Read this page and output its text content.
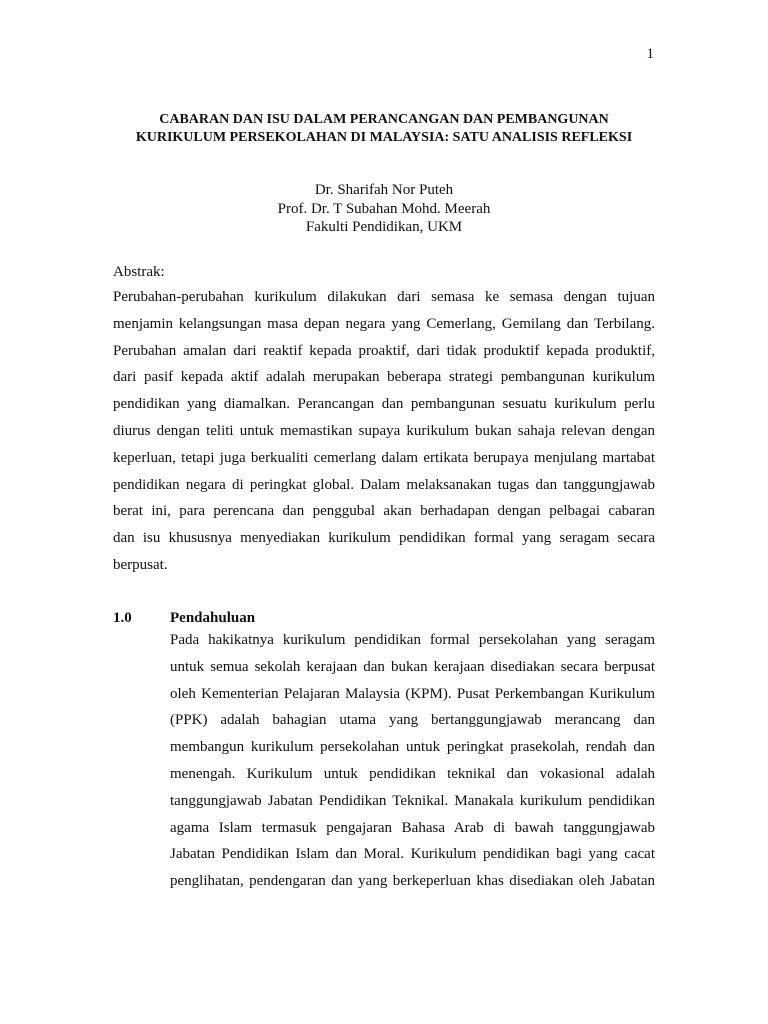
1
CABARAN DAN ISU DALAM PERANCANGAN DAN PEMBANGUNAN
KURIKULUM PERSEKOLAHAN DI MALAYSIA: SATU ANALISIS REFLEKSI
Dr. Sharifah Nor Puteh
Prof. Dr. T Subahan Mohd. Meerah
Fakulti Pendidikan, UKM
Abstrak:
Perubahan-perubahan kurikulum dilakukan dari semasa ke semasa dengan tujuan
menjamin kelangsungan masa depan negara yang Cemerlang, Gemilang dan Terbilang.
Perubahan amalan dari reaktif kepada proaktif, dari tidak produktif kepada produktif,
dari pasif kepada aktif adalah merupakan beberapa strategi pembangunan kurikulum
pendidikan yang diamalkan. Perancangan dan pembangunan sesuatu kurikulum perlu
diurus dengan teliti untuk memastikan supaya kurikulum bukan sahaja relevan dengan
keperluan, tetapi juga berkualiti cemerlang dalam ertikata berupaya menjulang martabat
pendidikan negara di peringkat global. Dalam melaksanakan tugas dan tanggungjawab
berat ini, para perencana dan penggubal akan berhadapan dengan pelbagai cabaran
dan isu khususnya menyediakan kurikulum pendidikan formal yang seragam secara
berpusat.
1.0	Pendahuluan
Pada hakikatnya kurikulum pendidikan formal persekolahan yang seragam
untuk semua sekolah kerajaan dan bukan kerajaan disediakan secara berpusat
oleh Kementerian Pelajaran Malaysia (KPM). Pusat Perkembangan Kurikulum
(PPK) adalah bahagian utama yang bertanggungjawab merancang dan
membangun kurikulum persekolahan untuk peringkat prasekolah, rendah dan
menengah. Kurikulum untuk pendidikan teknikal dan vokasional adalah
tanggungjawab Jabatan Pendidikan Teknikal. Manakala kurikulum pendidikan
agama Islam termasuk pengajaran Bahasa Arab di bawah tanggungjawab
Jabatan Pendidikan Islam dan Moral. Kurikulum pendidikan bagi yang cacat
penglihatan, pendengaran dan yang berkeperluan khas disediakan oleh Jabatan
